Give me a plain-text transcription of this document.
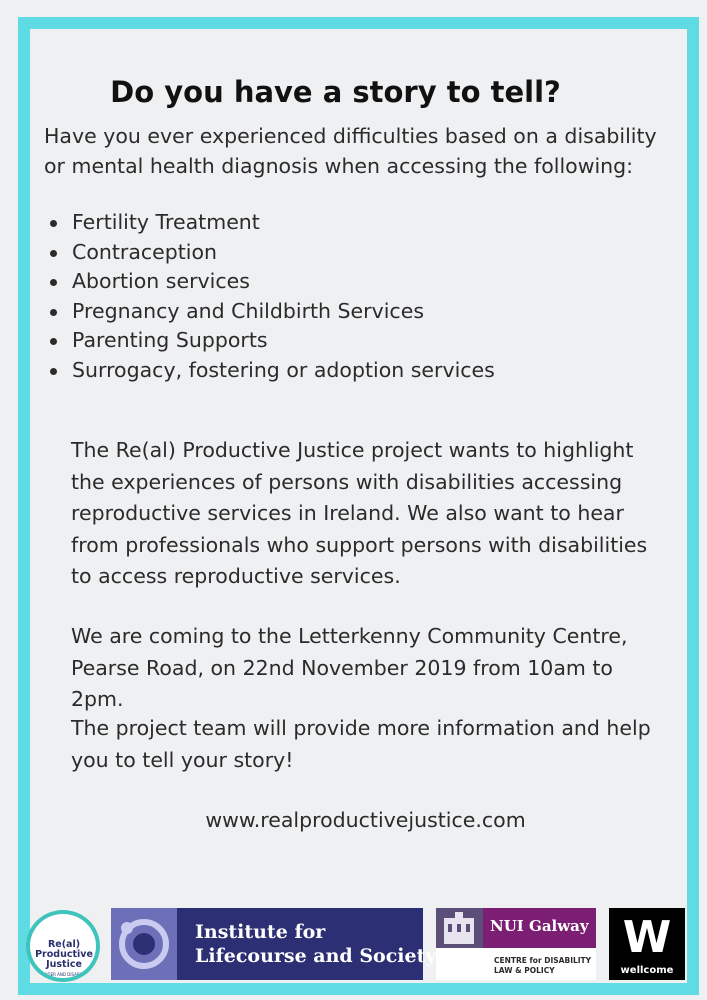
Do you have a story to tell?

Have you ever experienced difficulties based on a disability or mental health diagnosis when accessing the following:

Fertility Treatment
Contraception
Abortion services
Pregnancy and Childbirth Services
Parenting Supports
Surrogacy, fostering or adoption services

The Re(al) Productive Justice project wants to highlight the experiences of persons with disabilities accessing reproductive services in Ireland. We also want to hear from professionals who support persons with disabilities to access reproductive services.

We are coming to the Letterkenny Community Centre, Pearse Road, on 22nd November 2019 from 10am to 2pm.

The project team will provide more information and help you to tell your story!

www.realproductivejustice.com
Re(al) Productive Justice
GENDER AND DISABILITY
Institute for
Lifecourse and Society
NUI Galway
CENTRE for DISABILITY
LAW & POLICY
W
wellcome
